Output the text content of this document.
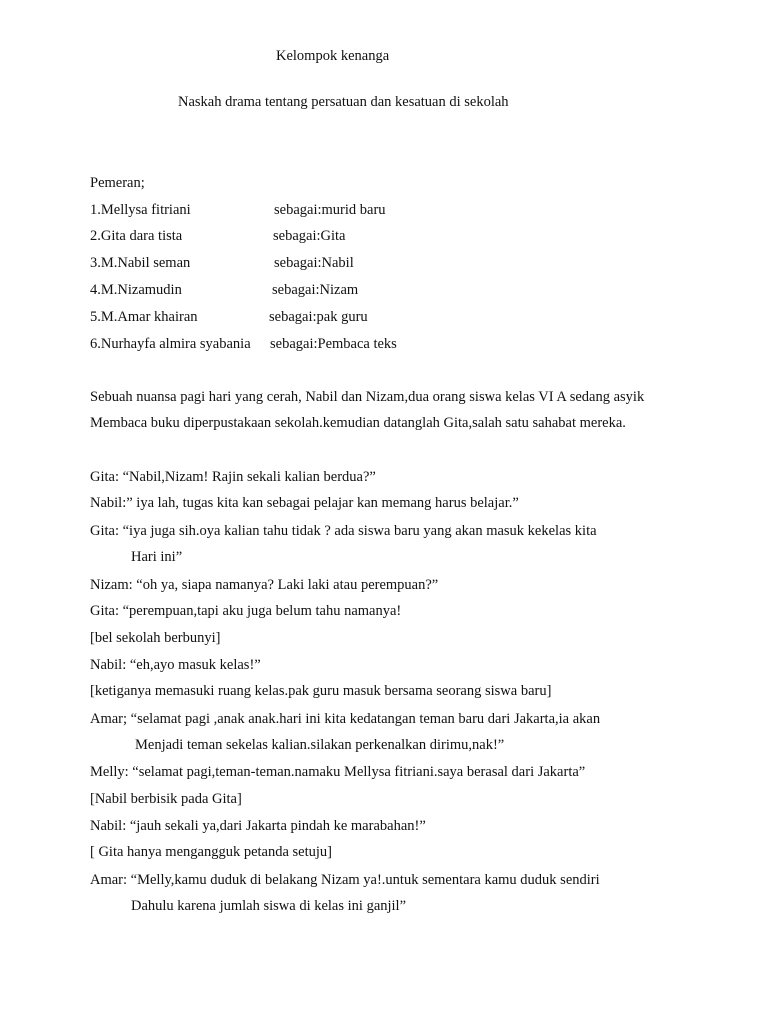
Kelompok kenanga
Naskah drama tentang persatuan dan kesatuan di sekolah
Pemeran;
1.Mellysa fitriani	sebagai:murid baru
2.Gita dara tista	sebagai:Gita
3.M.Nabil seman	sebagai:Nabil
4.M.Nizamudin	sebagai:Nizam
5.M.Amar khairan	sebagai:pak guru
6.Nurhayfa almira syabania sebagai:Pembaca teks
Sebuah nuansa pagi hari yang cerah, Nabil dan Nizam,dua orang siswa kelas VI A sedang asyik
Membaca buku diperpustakaan sekolah.kemudian datanglah Gita,salah satu sahabat mereka.
Gita: “Nabil,Nizam! Rajin sekali kalian berdua?”
Nabil:” iya lah, tugas kita kan sebagai pelajar kan memang harus belajar.”
Gita: “iya juga sih.oya kalian tahu tidak ? ada siswa baru yang akan masuk kekelas kita
Hari ini”
Nizam: “oh ya, siapa namanya? Laki laki atau perempuan?”
Gita: “perempuan,tapi aku juga belum tahu namanya!
[bel sekolah berbunyi]
Nabil: “eh,ayo masuk kelas!”
[ketiganya memasuki ruang kelas.pak guru masuk bersama seorang siswa baru]
Amar; “selamat pagi ,anak anak.hari ini kita kedatangan teman baru dari Jakarta,ia akan
Menjadi teman sekelas kalian.silakan perkenalkan dirimu,nak!”
Melly: “selamat pagi,teman-teman.namaku Mellysa fitriani.saya berasal dari Jakarta”
[Nabil berbisik pada Gita]
Nabil: “jauh sekali ya,dari Jakarta pindah ke marabahan!”
[ Gita hanya mengangguk petanda setuju]
Amar: “Melly,kamu duduk di belakang Nizam ya!.untuk sementara kamu duduk sendiri
Dahulu karena jumlah siswa di kelas ini ganjil”
